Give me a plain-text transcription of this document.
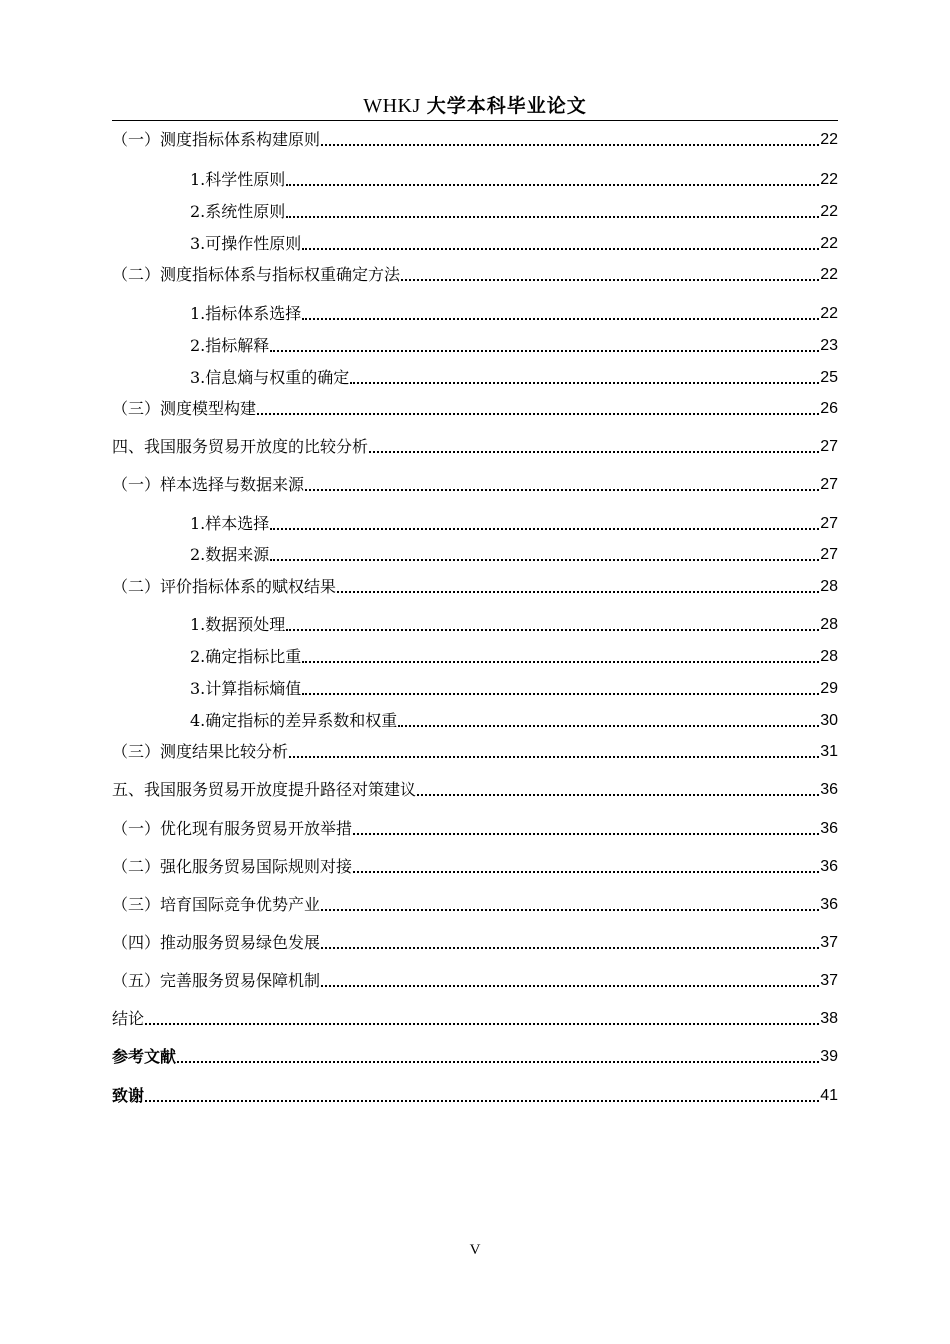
WHKJ 大学本科毕业论文
（一）测度指标体系构建原则	22
1.科学性原则	22
2.系统性原则	22
3.可操作性原则	22
（二）测度指标体系与指标权重确定方法	22
1.指标体系选择	22
2.指标解释	23
3.信息熵与权重的确定	25
（三）测度模型构建	26
四、我国服务贸易开放度的比较分析	27
（一）样本选择与数据来源	27
1.样本选择	27
2.数据来源	27
（二）评价指标体系的赋权结果	28
1.数据预处理	28
2.确定指标比重	28
3.计算指标熵值	29
4.确定指标的差异系数和权重	30
（三）测度结果比较分析	31
五、我国服务贸易开放度提升路径对策建议	36
（一）优化现有服务贸易开放举措	36
（二）强化服务贸易国际规则对接	36
（三）培育国际竞争优势产业	36
（四）推动服务贸易绿色发展	37
（五）完善服务贸易保障机制	37
结论	38
参考文献	39
致谢	41
V
